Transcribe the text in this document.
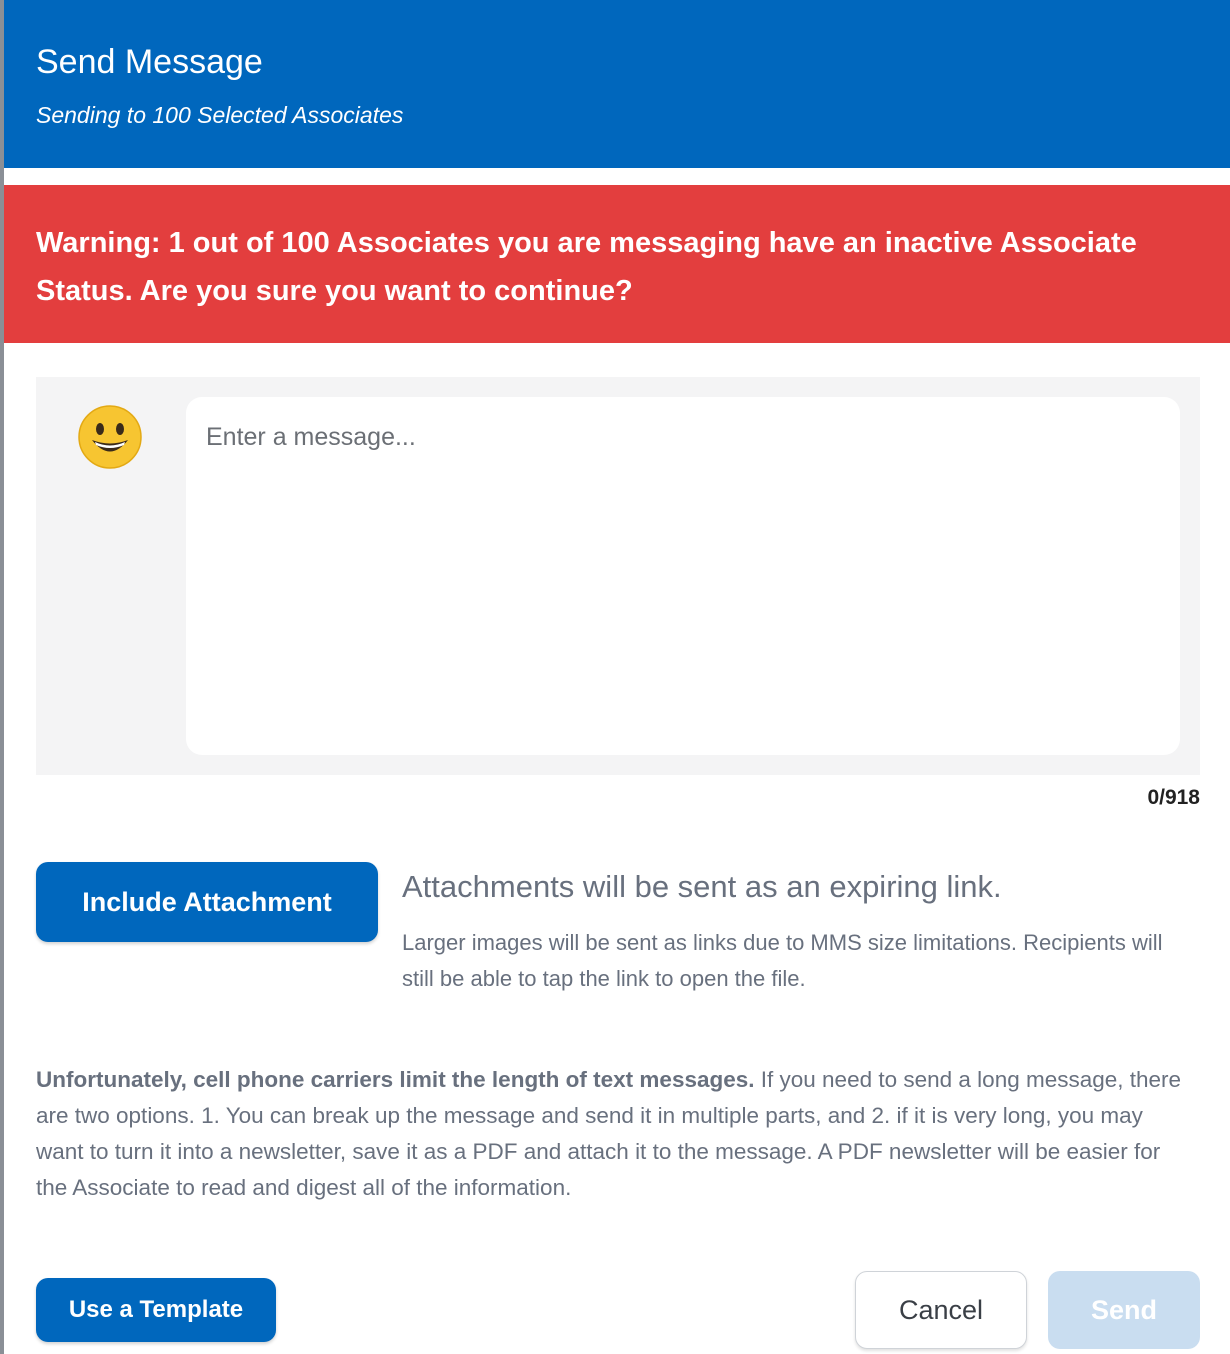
Send Message
Sending to 100 Selected Associates
Warning: 1 out of 100 Associates you are messaging have an inactive Associate Status. Are you sure you want to continue?
Enter a message...
0/918
Include Attachment	Attachments will be sent as an expiring link.
Larger images will be sent as links due to MMS size limitations. Recipients will still be able to tap the link to open the file.
Unfortunately, cell phone carriers limit the length of text messages. If you need to send a long message, there are two options. 1. You can break up the message and send it in multiple parts, and 2. if it is very long, you may want to turn it into a newsletter, save it as a PDF and attach it to the message. A PDF newsletter will be easier for the Associate to read and digest all of the information.
Use a Template	Cancel	Send
